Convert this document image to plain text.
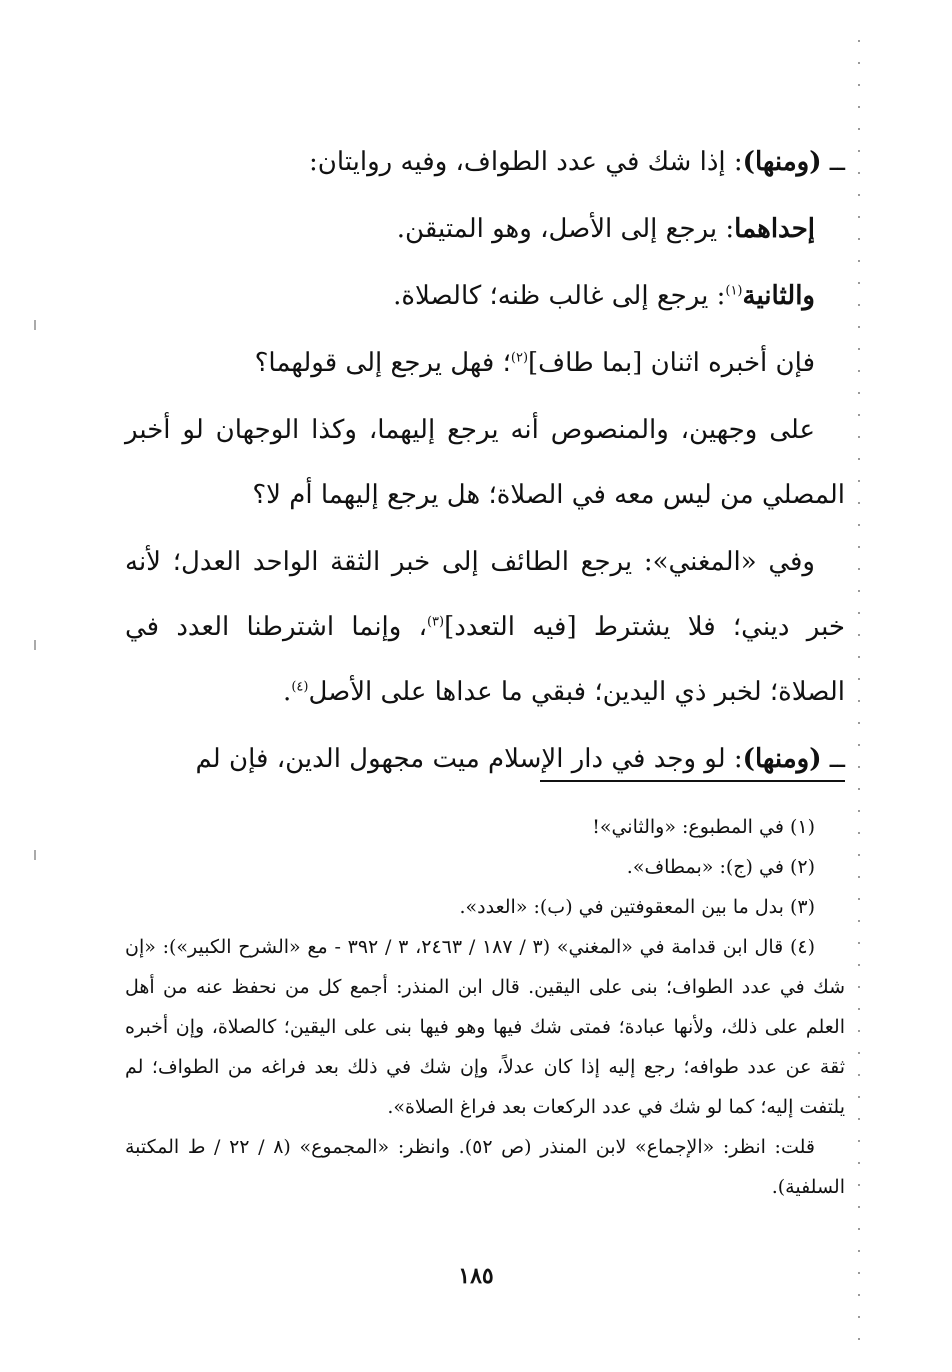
ــ (ومنها): إذا شك في عدد الطواف، وفيه روايتان:

إحداهما: يرجع إلى الأصل، وهو المتيقن.

والثانية$^{(١)}$: يرجع إلى غالب ظنه؛ كالصلاة.

فإن أخبره اثنان [بما طاف]$^{(٢)}$؛ فهل يرجع إلى قولهما؟

على وجهين، والمنصوص أنه يرجع إليهما، وكذا الوجهان لو أخبر المصلي من ليس معه في الصلاة؛ هل يرجع إليهما أم لا؟

وفي «المغني»: يرجع الطائف إلى خبر الثقة الواحد العدل؛ لأنه خبر ديني؛ فلا يشترط [فيه التعدد]$^{(٣)}$، وإنما اشترطنا العدد في الصلاة؛ لخبر ذي اليدين؛ فبقي ما عداها على الأصل$^{(٤)}$.

ــ (ومنها): لو وجد في دار الإسلام ميت مجهول الدين، فإن لم

(١) في المطبوع: «والثاني»!

(٢) في (ج): «بمطاف».

(٣) بدل ما بين المعقوفتين في (ب): «العدد».

(٤) قال ابن قدامة في «المغني» (٣ / ١٨٧ / ٢٤٦٣، ٣ / ٣٩٢ - مع «الشرح الكبير»): «إن شك في عدد الطواف؛ بنى على اليقين. قال ابن المنذر: أجمع كل من نحفظ عنه من أهل العلم على ذلك، ولأنها عبادة؛ فمتى شك فيها وهو فيها بنى على اليقين؛ كالصلاة، وإن أخبره ثقة عن عدد طوافه؛ رجع إليه إذا كان عدلاً، وإن شك في ذلك بعد فراغه من الطواف؛ لم يلتفت إليه؛ كما لو شك في عدد الركعات بعد فراغ الصلاة».

قلت: انظر: «الإجماع» لابن المنذر (ص ٥٢). وانظر: «المجموع» (٨ / ٢٢ / ط المكتبة السلفية).

١٨٥
